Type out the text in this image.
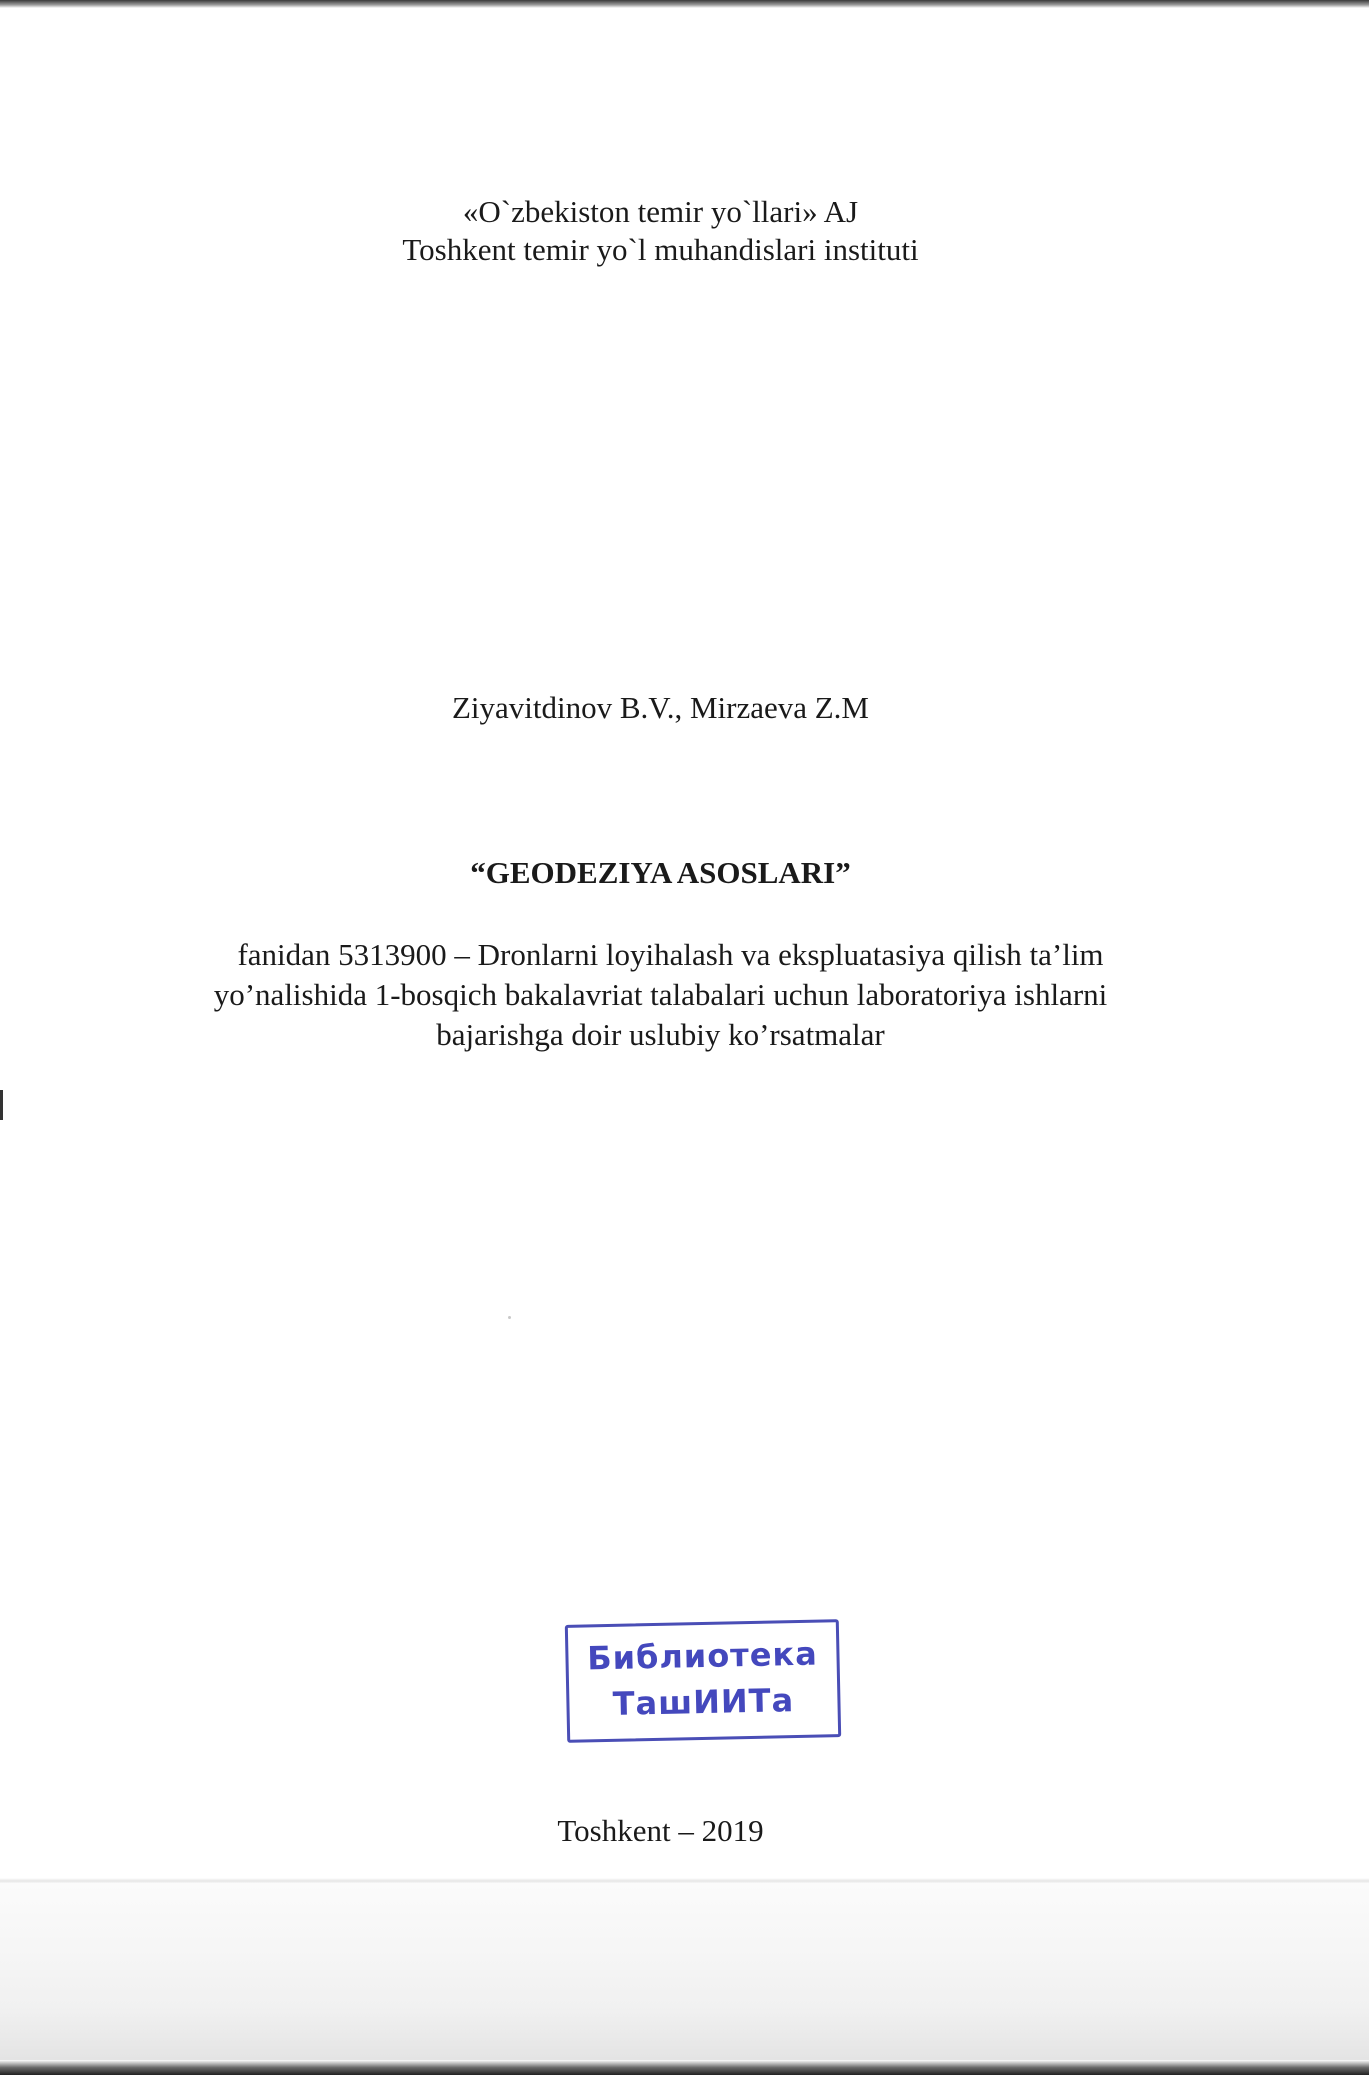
«O`zbekiston temir yo`llari» AJ
Toshkent temir yo`l muhandislari instituti
Ziyavitdinov B.V., Mirzaeva Z.M
“GEODEZIYA ASOSLARI”
fanidan 5313900 – Dronlarni loyihalash va ekspluatasiya qilish ta’lim
yo’nalishida 1-bosqich bakalavriat talabalari uchun laboratoriya ishlarni
bajarishga doir uslubiy ko’rsatmalar
Библиотека
ТашИИТа
Toshkent – 2019
